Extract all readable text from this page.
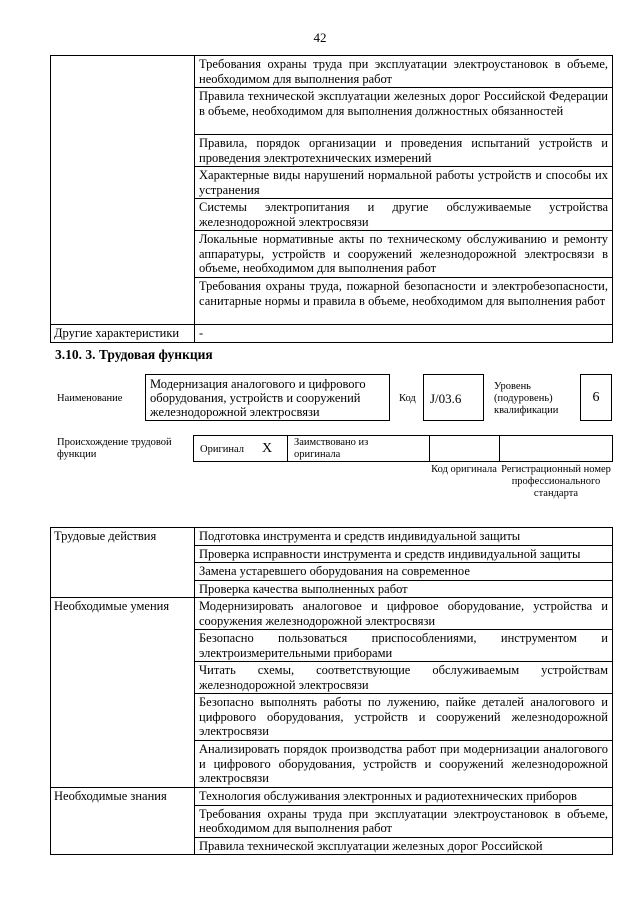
42
	Требования охраны труда при эксплуатации электроустановок в объеме, необходимом для выполнения работ
	Правила технической эксплуатации железных дорог Российской Федерации в объеме, необходимом для выполнения должностных обязанностей
	Правила, порядок организации и проведения испытаний устройств и проведения электротехнических измерений
	Характерные виды нарушений нормальной работы устройств и способы их устранения
	Системы электропитания и другие обслуживаемые устройства железнодорожной электросвязи
	Локальные нормативные акты по техническому обслуживанию и ремонту аппаратуры, устройств и сооружений железнодорожной электросвязи в объеме, необходимом для выполнения работ
	Требования охраны труда, пожарной безопасности и электробезопасности, санитарные нормы и правила в объеме, необходимом для выполнения работ
Другие характеристики	-
3.10. 3. Трудовая функция
Наименование
Модернизация аналогового и цифрового оборудования, устройств и сооружений железнодорожной электросвязи
Код J/03.6
Уровень (подуровень) квалификации
6
Происхождение трудовой функции	Оригинал X Заимствовано из оригинала
Код оригинала Регистрационный номер профессионального стандарта
Трудовые действия	Подготовка инструмента и средств индивидуальной защиты
	Проверка исправности инструмента и средств индивидуальной защиты
	Замена устаревшего оборудования на современное
	Проверка качества выполненных работ
Необходимые умения	Модернизировать аналоговое и цифровое оборудование, устройства и сооружения железнодорожной электросвязи
	Безопасно пользоваться приспособлениями, инструментом и электроизмерительными приборами
	Читать схемы, соответствующие обслуживаемым устройствам железнодорожной электросвязи
	Безопасно выполнять работы по лужению, пайке деталей аналогового и цифрового оборудования, устройств и сооружений железнодорожной электросвязи
	Анализировать порядок производства работ при модернизации аналогового и цифрового оборудования, устройств и сооружений железнодорожной электросвязи
Необходимые знания	Технология обслуживания электронных и радиотехнических приборов
	Требования охраны труда при эксплуатации электроустановок в объеме, необходимом для выполнения работ
	Правила технической эксплуатации железных дорог Российской
